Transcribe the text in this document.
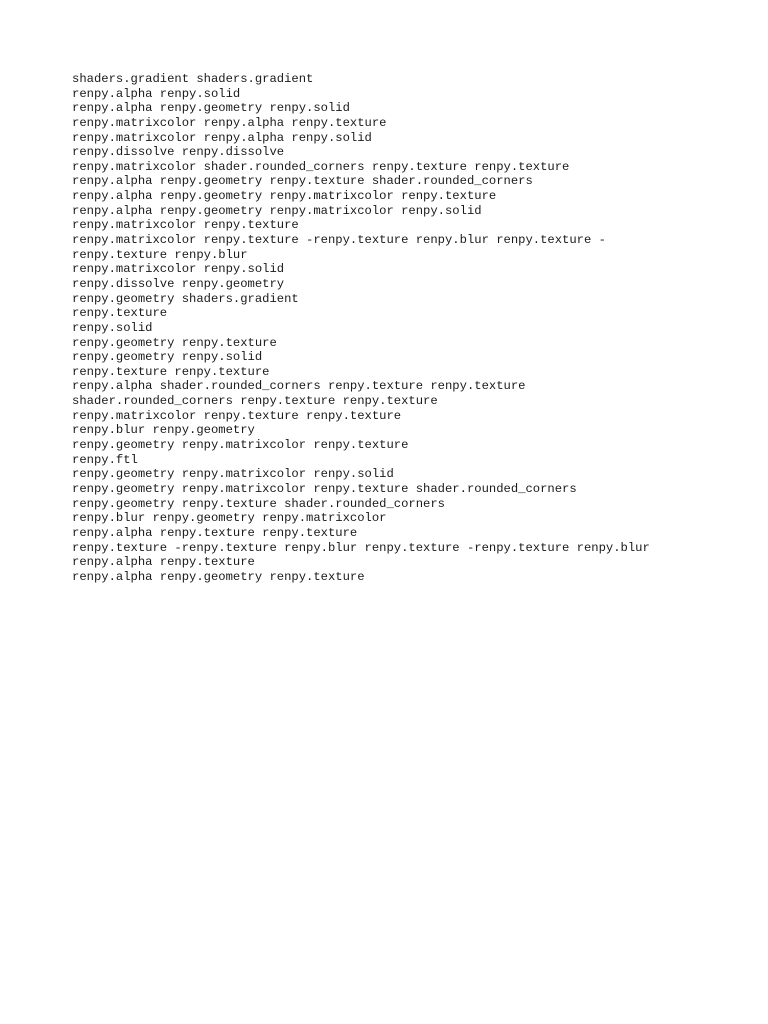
shaders.gradient shaders.gradient
renpy.alpha renpy.solid
renpy.alpha renpy.geometry renpy.solid
renpy.matrixcolor renpy.alpha renpy.texture
renpy.matrixcolor renpy.alpha renpy.solid
renpy.dissolve renpy.dissolve
renpy.matrixcolor shader.rounded_corners renpy.texture renpy.texture
renpy.alpha renpy.geometry renpy.texture shader.rounded_corners
renpy.alpha renpy.geometry renpy.matrixcolor renpy.texture
renpy.alpha renpy.geometry renpy.matrixcolor renpy.solid
renpy.matrixcolor renpy.texture
renpy.matrixcolor renpy.texture -renpy.texture renpy.blur renpy.texture -
renpy.texture renpy.blur
renpy.matrixcolor renpy.solid
renpy.dissolve renpy.geometry
renpy.geometry shaders.gradient
renpy.texture
renpy.solid
renpy.geometry renpy.texture
renpy.geometry renpy.solid
renpy.texture renpy.texture
renpy.alpha shader.rounded_corners renpy.texture renpy.texture
shader.rounded_corners renpy.texture renpy.texture
renpy.matrixcolor renpy.texture renpy.texture
renpy.blur renpy.geometry
renpy.geometry renpy.matrixcolor renpy.texture
renpy.ftl
renpy.geometry renpy.matrixcolor renpy.solid
renpy.geometry renpy.matrixcolor renpy.texture shader.rounded_corners
renpy.geometry renpy.texture shader.rounded_corners
renpy.blur renpy.geometry renpy.matrixcolor
renpy.alpha renpy.texture renpy.texture
renpy.texture -renpy.texture renpy.blur renpy.texture -renpy.texture renpy.blur
renpy.alpha renpy.texture
renpy.alpha renpy.geometry renpy.texture
